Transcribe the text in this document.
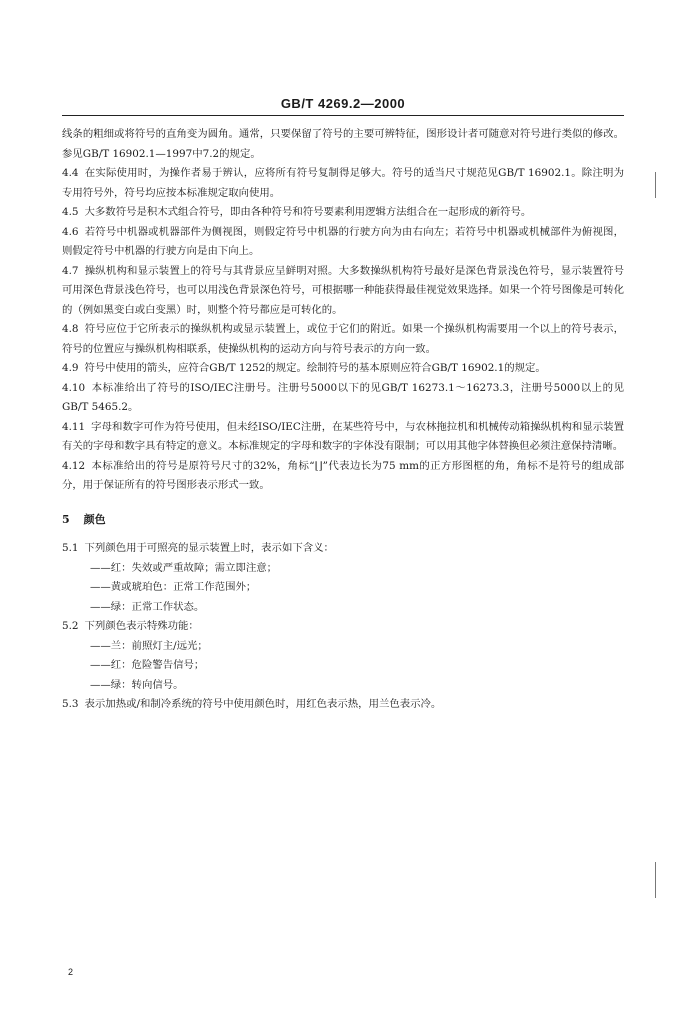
GB/T 4269.2—2000

线条的粗细或将符号的直角变为圆角。通常，只要保留了符号的主要可辨特征，图形设计者可随意对符号进行类似的修改。参见GB/T 16902.1—1997中7.2的规定。

4.4 在实际使用时，为操作者易于辨认，应将所有符号复制得足够大。符号的适当尺寸规范见GB/T 16902.1。除注明为专用符号外，符号均应按本标准规定取向使用。

4.5 大多数符号是积木式组合符号，即由各种符号和符号要素利用逻辑方法组合在一起形成的新符号。

4.6 若符号中机器或机器部件为侧视图，则假定符号中机器的行驶方向为由右向左；若符号中机器或机械部件为俯视图，则假定符号中机器的行驶方向是由下向上。

4.7 操纵机构和显示装置上的符号与其背景应呈鲜明对照。大多数操纵机构符号最好是深色背景浅色符号，显示装置符号可用深色背景浅色符号，也可以用浅色背景深色符号，可根据哪一种能获得最佳视觉效果选择。如果一个符号图像是可转化的（例如黑变白或白变黑）时，则整个符号都应是可转化的。

4.8 符号应位于它所表示的操纵机构或显示装置上，或位于它们的附近。如果一个操纵机构需要用一个以上的符号表示，符号的位置应与操纵机构相联系，使操纵机构的运动方向与符号表示的方向一致。

4.9 符号中使用的箭头，应符合GB/T 1252的规定。绘制符号的基本原则应符合GB/T 16902.1的规定。

4.10 本标准给出了符号的ISO/IEC注册号。注册号5000以下的见GB/T 16273.1～16273.3，注册号5000以上的见GB/T 5465.2。

4.11 字母和数字可作为符号使用，但未经ISO/IEC注册，在某些符号中，与农林拖拉机和机械传动箱操纵机构和显示装置有关的字母和数字具有特定的意义。本标准规定的字母和数字的字体没有限制；可以用其他字体替换但必须注意保持清晰。

4.12 本标准给出的符号是原符号尺寸的32%，角标“⌊⌋”代表边长为75 mm的正方形图框的角，角标不是符号的组成部分，用于保证所有的符号图形表示形式一致。

5 颜色

5.1 下列颜色用于可照亮的显示装置上时，表示如下含义：

——红：失效或严重故障；需立即注意；

——黄或琥珀色：正常工作范围外；

——绿：正常工作状态。

5.2 下列颜色表示特殊功能：

——兰：前照灯主/远光；

——红：危险警告信号；

——绿：转向信号。

5.3 表示加热或/和制冷系统的符号中使用颜色时，用红色表示热，用兰色表示冷。

2
